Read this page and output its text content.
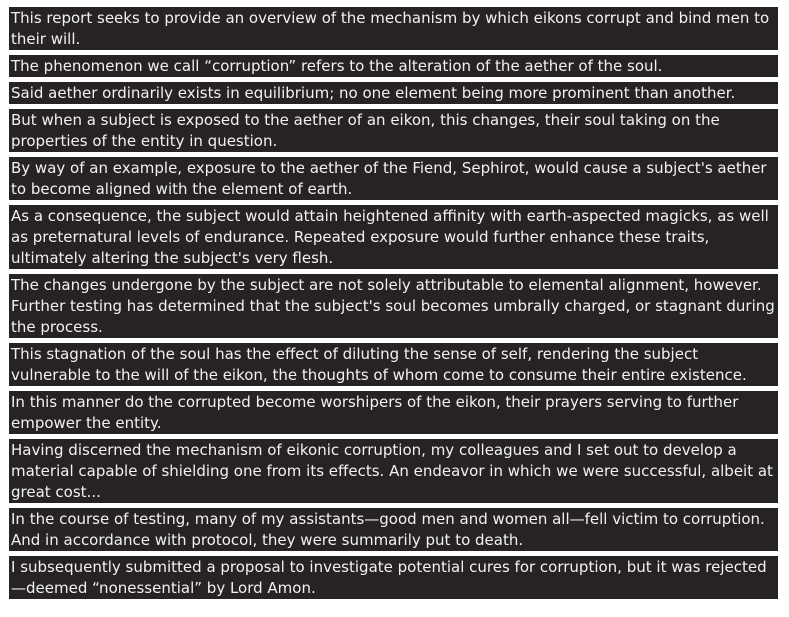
This report seeks to provide an overview of the mechanism by which eikons corrupt and bind men to their will.
The phenomenon we call “corruption” refers to the alteration of the aether of the soul.
Said aether ordinarily exists in equilibrium; no one element being more prominent than another.
But when a subject is exposed to the aether of an eikon, this changes, their soul taking on the properties of the entity in question.
By way of an example, exposure to the aether of the Fiend, Sephirot, would cause a subject's aether to become aligned with the element of earth.
As a consequence, the subject would attain heightened affinity with earth-aspected magicks, as well as preternatural levels of endurance. Repeated exposure would further enhance these traits, ultimately altering the subject's very flesh.
The changes undergone by the subject are not solely attributable to elemental alignment, however. Further testing has determined that the subject's soul becomes umbrally charged, or stagnant during the process.
This stagnation of the soul has the effect of diluting the sense of self, rendering the subject vulnerable to the will of the eikon, the thoughts of whom come to consume their entire existence.
In this manner do the corrupted become worshipers of the eikon, their prayers serving to further empower the entity.
Having discerned the mechanism of eikonic corruption, my colleagues and I set out to develop a material capable of shielding one from its effects. An endeavor in which we were successful, albeit at great cost...
In the course of testing, many of my assistants—good men and women all—fell victim to corruption. And in accordance with protocol, they were summarily put to death.
I subsequently submitted a proposal to investigate potential cures for corruption, but it was rejected—deemed “nonessential” by Lord Amon.
